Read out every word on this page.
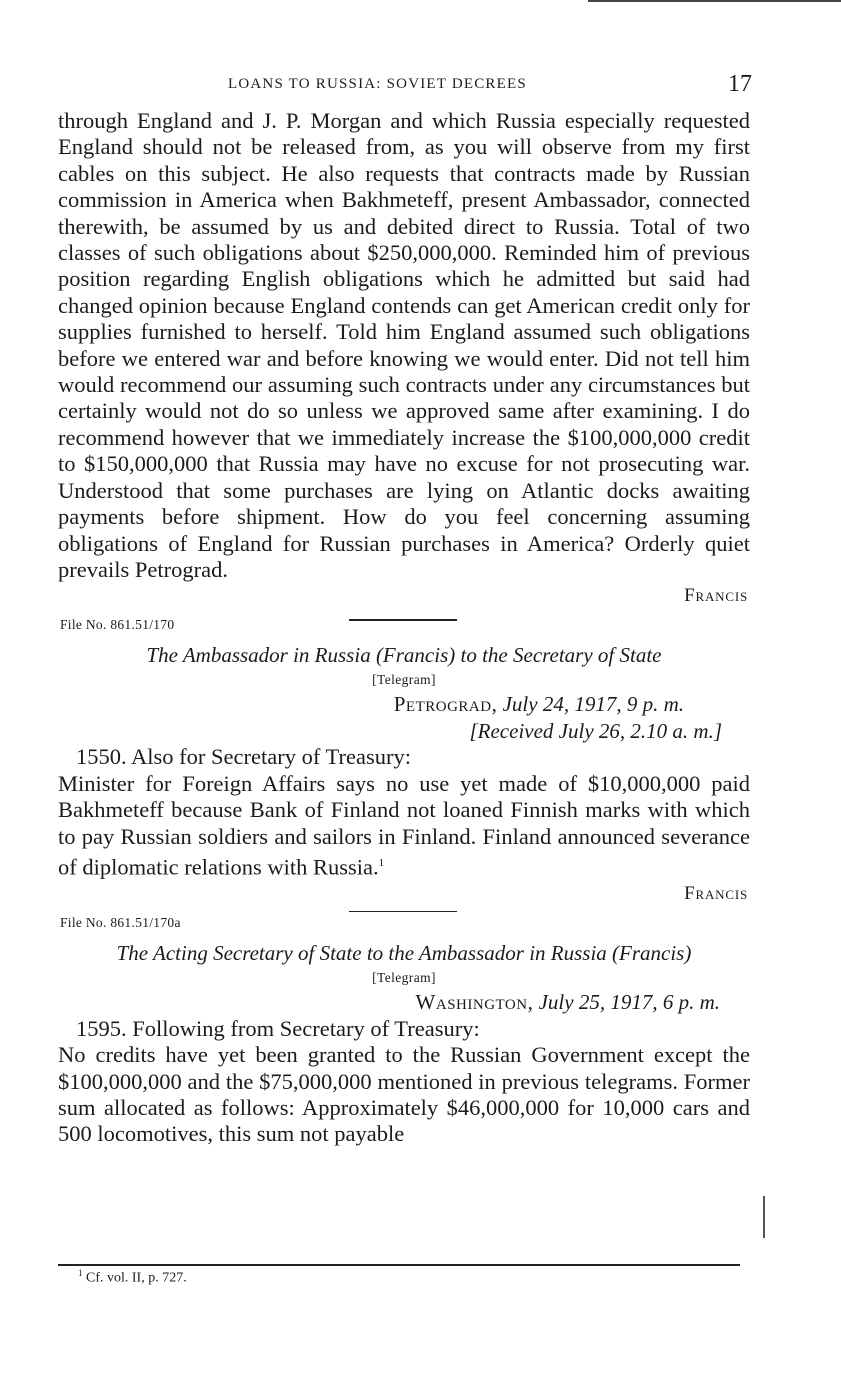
LOANS TO RUSSIA: SOVIET DECREES	17

through England and J. P. Morgan and which Russia especially requested England should not be released from, as you will observe from my first cables on this subject. He also requests that contracts made by Russian commission in America when Bakhmeteff, present Ambassador, connected therewith, be assumed by us and debited direct to Russia. Total of two classes of such obligations about $250,000,000. Reminded him of previous position regarding English obligations which he admitted but said had changed opinion because England contends can get American credit only for supplies furnished to herself. Told him England assumed such obligations before we entered war and before knowing we would enter. Did not tell him would recommend our assuming such contracts under any circumstances but certainly would not do so unless we approved same after examining. I do recommend however that we immediately increase the $100,000,000 credit to $150,000,000 that Russia may have no excuse for not prosecuting war. Understood that some purchases are lying on Atlantic docks awaiting payments before shipment. How do you feel concerning assuming obligations of England for Russian purchases in America? Orderly quiet prevails Petrograd.

Francis

File No. 861.51/170

The Ambassador in Russia (Francis) to the Secretary of State

[Telegram]

Petrograd, July 24, 1917, 9 p. m.

[Received July 26, 2.10 a. m.]

1550. Also for Secretary of Treasury:

Minister for Foreign Affairs says no use yet made of $10,000,000 paid Bakhmeteff because Bank of Finland not loaned Finnish marks with which to pay Russian soldiers and sailors in Finland. Finland announced severance of diplomatic relations with Russia.$^1$

Francis

File No. 861.51/170a

The Acting Secretary of State to the Ambassador in Russia (Francis)

[Telegram]

Washington, July 25, 1917, 6 p. m.

1595. Following from Secretary of Treasury:

No credits have yet been granted to the Russian Government except the $100,000,000 and the $75,000,000 mentioned in previous telegrams. Former sum allocated as follows: Approximately $46,000,000 for 10,000 cars and 500 locomotives, this sum not payable

$^1$ Cf. vol. II, p. 727.
